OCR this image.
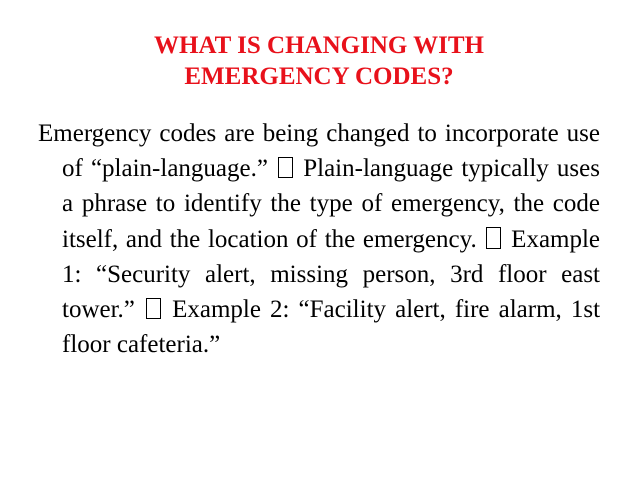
WHAT IS CHANGING WITH
EMERGENCY CODES?
Emergency codes are being changed to incorporate use of “plain-language.” Plain-language typically uses a phrase to identify the type of emergency, the code itself, and the location of the emergency. Example 1: “Security alert, missing person, 3rd floor east tower.” Example 2: “Facility alert, fire alarm, 1st floor cafeteria.”
